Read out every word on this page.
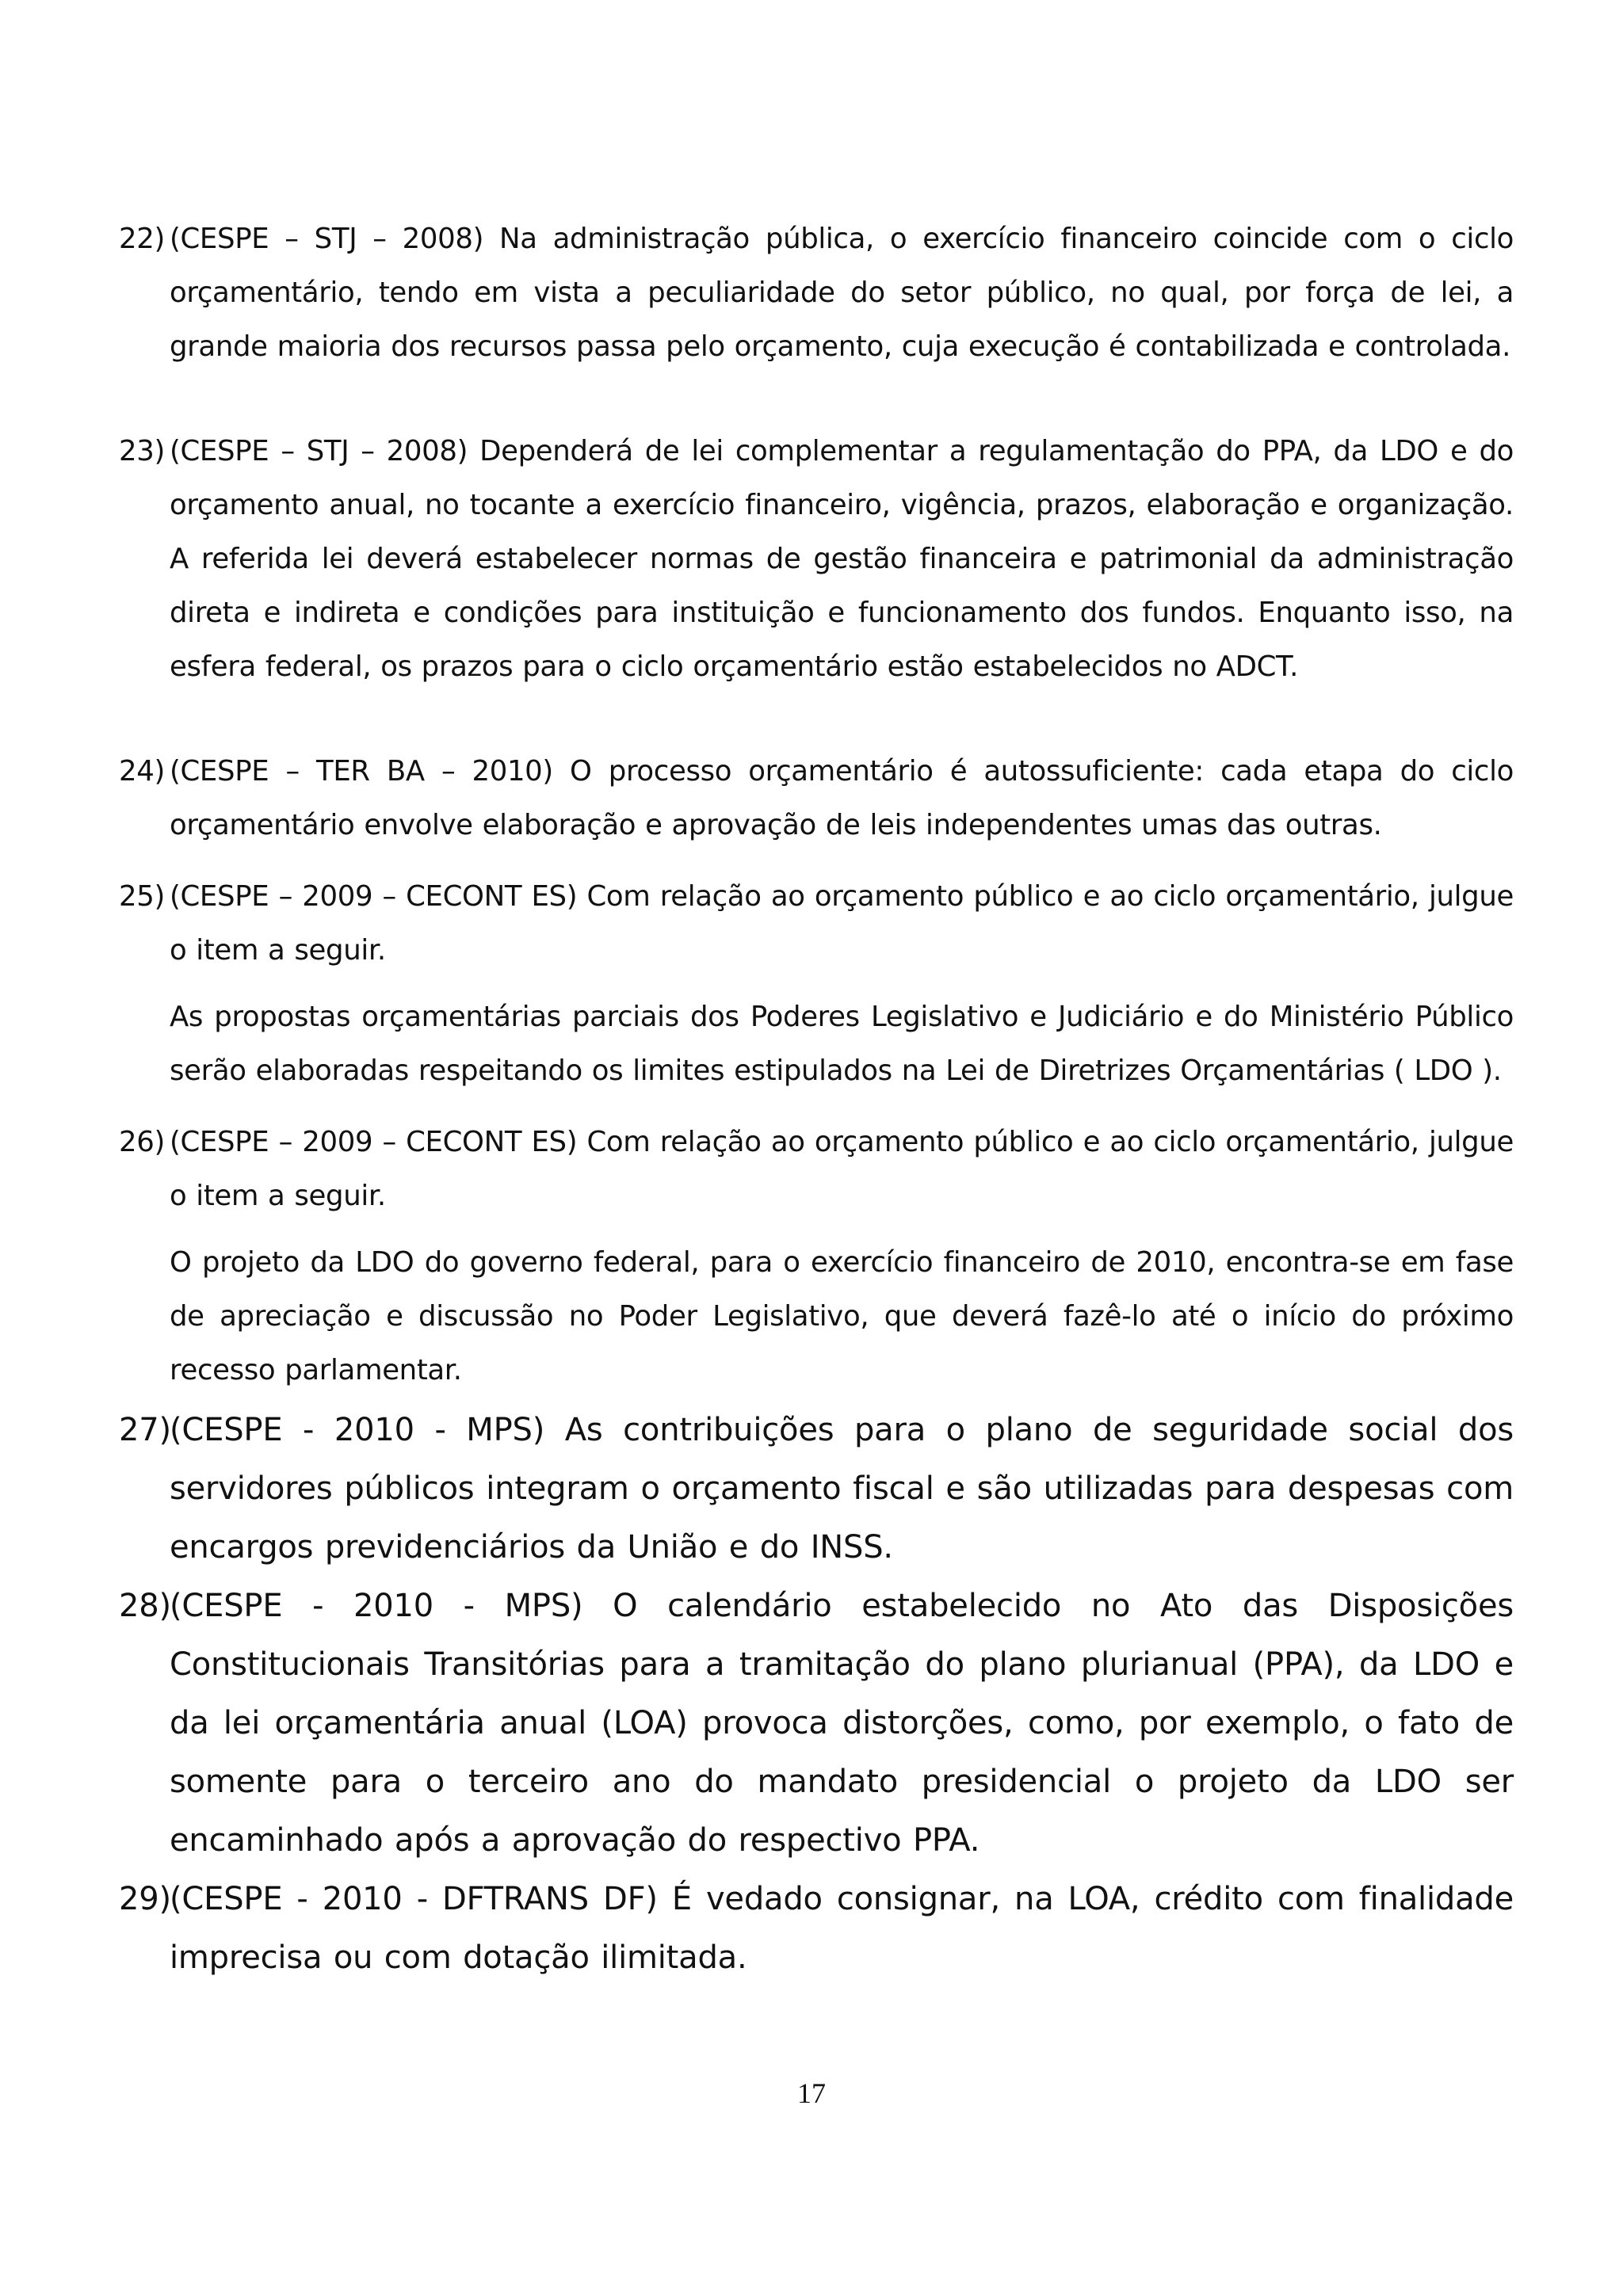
22) (CESPE – STJ – 2008) Na administração pública, o exercício financeiro coincide com o ciclo orçamentário, tendo em vista a peculiaridade do setor público, no qual, por força de lei, a grande maioria dos recursos passa pelo orçamento, cuja execução é contabilizada e controlada.
23) (CESPE – STJ – 2008) Dependerá de lei complementar a regulamentação do PPA, da LDO e do orçamento anual, no tocante a exercício financeiro, vigência, prazos, elaboração e organização. A referida lei deverá estabelecer normas de gestão financeira e patrimonial da administração direta e indireta e condições para instituição e funcionamento dos fundos. Enquanto isso, na esfera federal, os prazos para o ciclo orçamentário estão estabelecidos no ADCT.
24) (CESPE – TER BA – 2010) O processo orçamentário é autossuficiente: cada etapa do ciclo orçamentário envolve elaboração e aprovação de leis independentes umas das outras.
25) (CESPE – 2009 – CECONT ES) Com relação ao orçamento público e ao ciclo orçamentário, julgue o item a seguir.
As propostas orçamentárias parciais dos Poderes Legislativo e Judiciário e do Ministério Público serão elaboradas respeitando os limites estipulados na Lei de Diretrizes Orçamentárias ( LDO ).
26) (CESPE – 2009 – CECONT ES) Com relação ao orçamento público e ao ciclo orçamentário, julgue o item a seguir.
O projeto da LDO do governo federal, para o exercício financeiro de 2010, encontra-se em fase de apreciação e discussão no Poder Legislativo, que deverá fazê-lo até o início do próximo recesso parlamentar.
27)
(CESPE - 2010 - MPS) As contribuições para o plano de seguridade social dos servidores públicos integram o orçamento fiscal e são utilizadas para despesas com encargos previdenciários da União e do INSS.
28)
(CESPE - 2010 - MPS) O calendário estabelecido no Ato das Disposições Constitucionais Transitórias para a tramitação do plano plurianual (PPA), da LDO e da lei orçamentária anual (LOA) provoca distorções, como, por exemplo, o fato de somente para o terceiro ano do mandato presidencial o projeto da LDO ser encaminhado após a aprovação do respectivo PPA.
29)
(CESPE - 2010 - DFTRANS DF) É vedado consignar, na LOA, crédito com finalidade imprecisa ou com dotação ilimitada.
17
